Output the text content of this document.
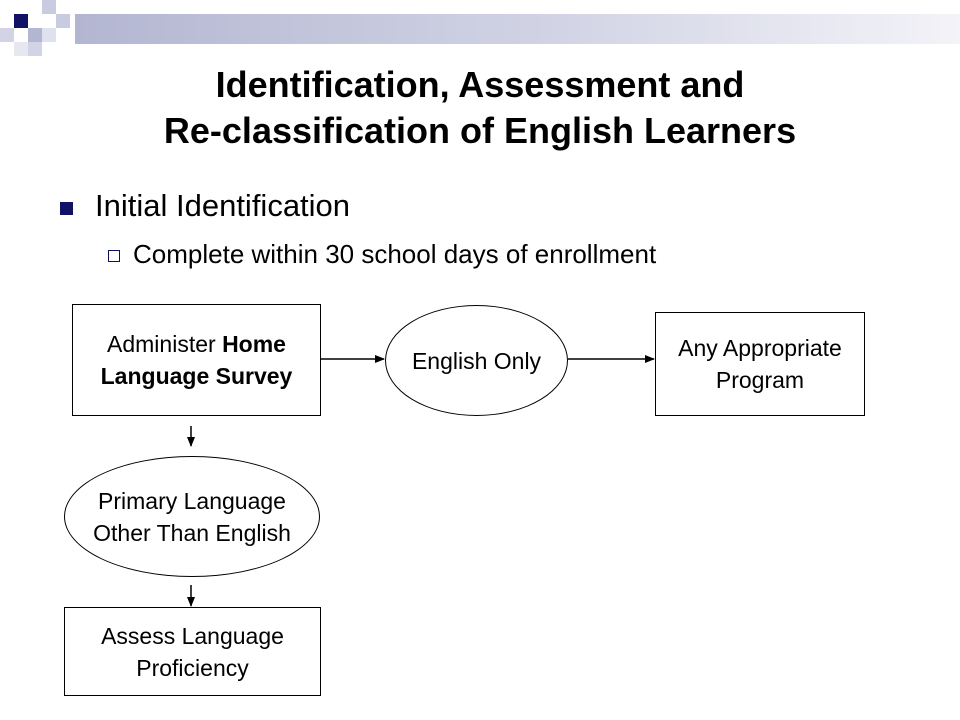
Identification, Assessment and
Re-classification of English Learners
Initial Identification
Complete within 30 school days of enrollment
Administer Home
Language Survey
English Only	Any Appropriate
Program
Primary Language
Other Than English
Assess Language
Proficiency
